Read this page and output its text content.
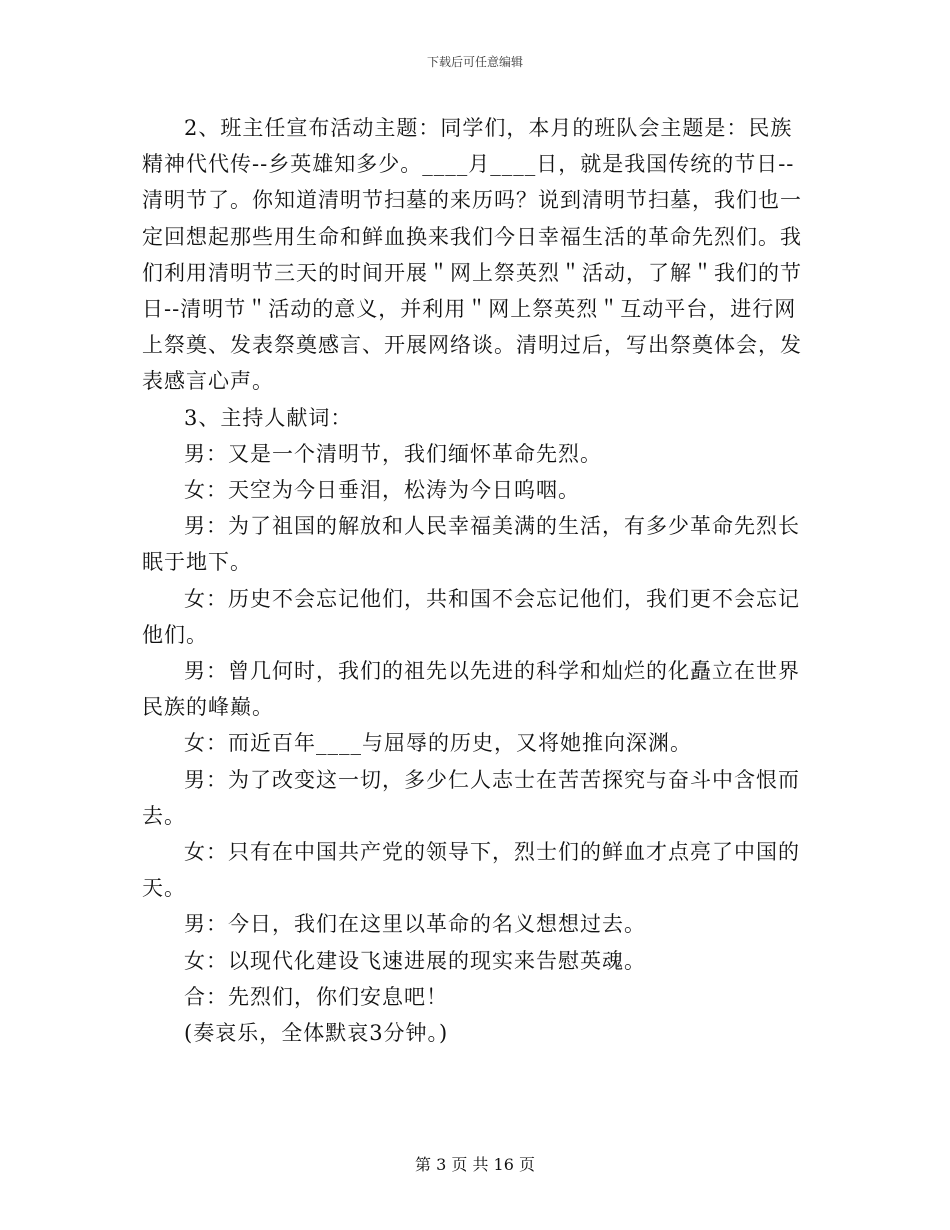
下载后可任意编辑

2、班主任宣布活动主题：同学们，本月的班队会主题是：民族精神代代传--乡英雄知多少。____月____日，就是我国传统的节日--清明节了。你知道清明节扫墓的来历吗？说到清明节扫墓，我们也一定回想起那些用生命和鲜血换来我们今日幸福生活的革命先烈们。我们利用清明节三天的时间开展＂网上祭英烈＂活动，了解＂我们的节日--清明节＂活动的意义，并利用＂网上祭英烈＂互动平台，进行网上祭奠、发表祭奠感言、开展网络谈。清明过后，写出祭奠体会，发表感言心声。

3、主持人献词：

男：又是一个清明节，我们缅怀革命先烈。

女：天空为今日垂泪，松涛为今日呜咽。

男：为了祖国的解放和人民幸福美满的生活，有多少革命先烈长眠于地下。

女：历史不会忘记他们，共和国不会忘记他们，我们更不会忘记他们。

男：曾几何时，我们的祖先以先进的科学和灿烂的化矗立在世界民族的峰巅。

女：而近百年____与屈辱的历史，又将她推向深渊。

男：为了改变这一切，多少仁人志士在苦苦探究与奋斗中含恨而去。

女：只有在中国共产党的领导下，烈士们的鲜血才点亮了中国的天。

男：今日，我们在这里以革命的名义想想过去。

女：以现代化建设飞速进展的现实来告慰英魂。

合：先烈们，你们安息吧！

(奏哀乐，全体默哀3分钟。)

第 3 页 共 16 页
